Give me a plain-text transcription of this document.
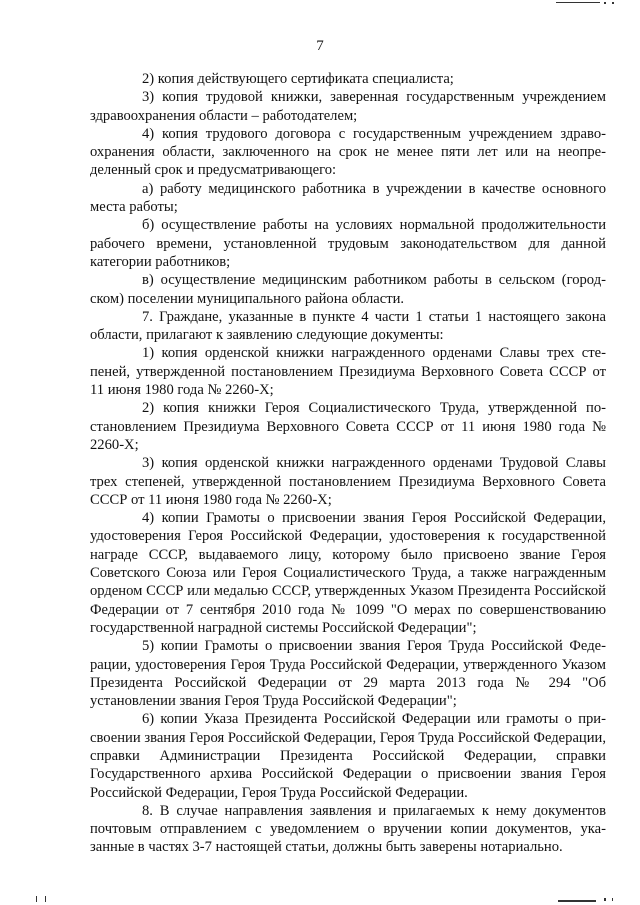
7

2) копия действующего сертификата специалиста;

3) копия трудовой книжки, заверенная государственным учреждением здравоохранения области – работодателем;

4) копия трудового договора с государственным учреждением здравоохранения области, заключенного на срок не менее пяти лет или на неопределенный срок и предусматривающего:

а) работу медицинского работника в учреждении в качестве основного места работы;

б) осуществление работы на условиях нормальной продолжительности рабочего времени, установленной трудовым законодательством для данной категории работников;

в) осуществление медицинским работником работы в сельском (городском) поселении муниципального района области.

7. Граждане, указанные в пункте 4 части 1 статьи 1 настоящего закона области, прилагают к заявлению следующие документы:

1) копия орденской книжки награжденного орденами Славы трех степеней, утвержденной постановлением Президиума Верховного Совета СССР от 11 июня 1980 года № 2260-Х;

2) копия книжки Героя Социалистического Труда, утвержденной постановлением Президиума Верховного Совета СССР от 11 июня 1980 года № 2260-Х;

3) копия орденской книжки награжденного орденами Трудовой Славы трех степеней, утвержденной постановлением Президиума Верховного Совета СССР от 11 июня 1980 года № 2260-Х;

4) копии Грамоты о присвоении звания Героя Российской Федерации, удостоверения Героя Российской Федерации, удостоверения к государственной награде СССР, выдаваемого лицу, которому было присвоено звание Героя Советского Союза или Героя Социалистического Труда, а также награжденным орденом СССР или медалью СССР, утвержденных Указом Президента Российской Федерации от 7 сентября 2010 года № 1099 "О мерах по совершенствованию государственной наградной системы Российской Федерации";

5) копии Грамоты о присвоении звания Героя Труда Российской Федерации, удостоверения Героя Труда Российской Федерации, утвержденного Указом Президента Российской Федерации от 29 марта 2013 года № 294 "Об установлении звания Героя Труда Российской Федерации";

6) копии Указа Президента Российской Федерации или грамоты о присвоении звания Героя Российской Федерации, Героя Труда Российской Федерации, справки Администрации Президента Российской Федерации, справки Государственного архива Российской Федерации о присвоении звания Героя Российской Федерации, Героя Труда Российской Федерации.

8. В случае направления заявления и прилагаемых к нему документов почтовым отправлением с уведомлением о вручении копии документов, указанные в частях 3-7 настоящей статьи, должны быть заверены нотариально.
